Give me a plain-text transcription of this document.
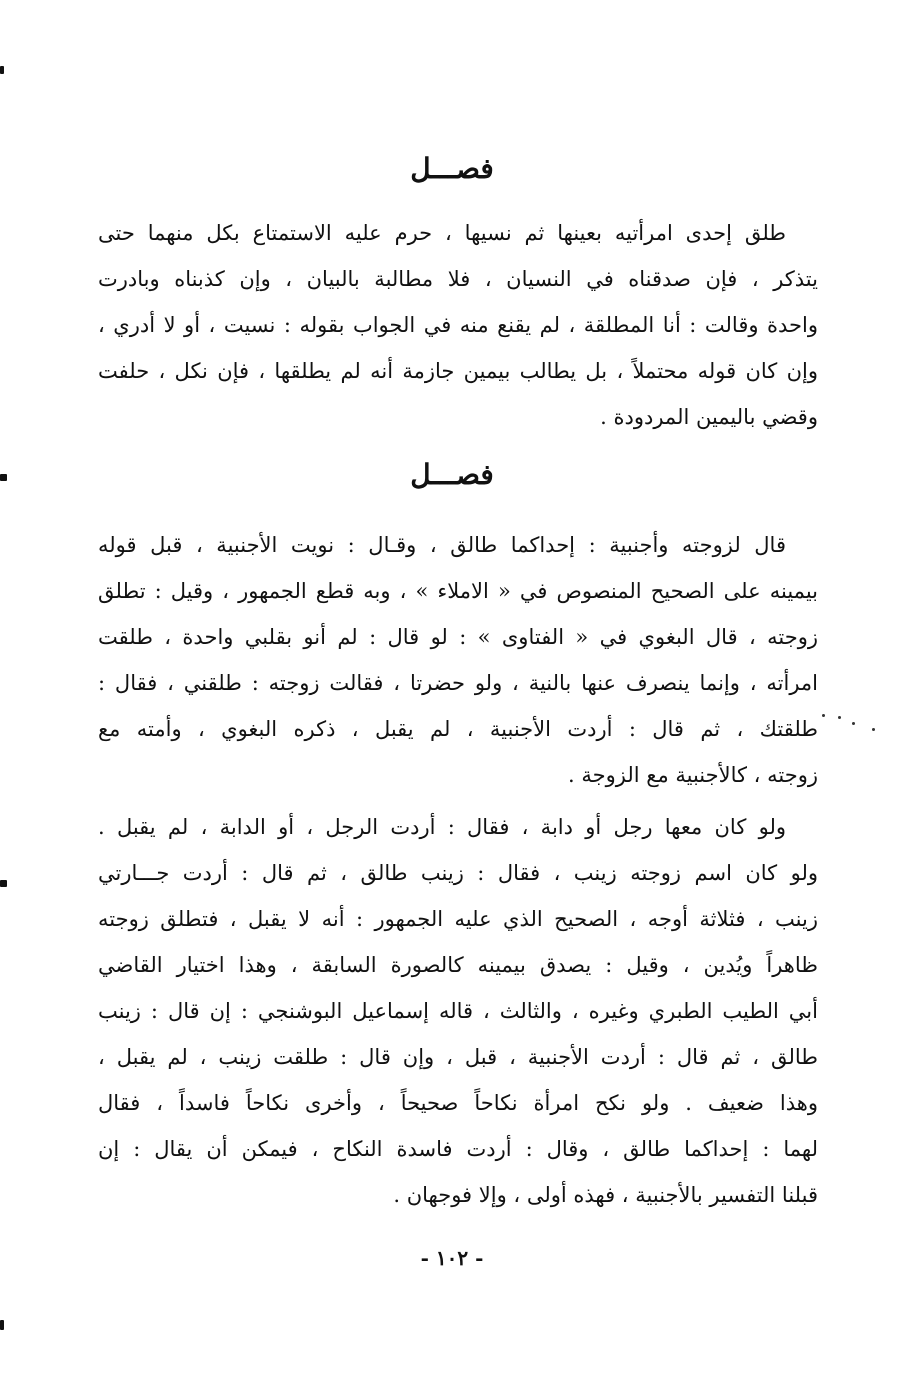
فصـــل
طلق إحدى امرأتيه بعينها ثم نسيها ، حرم عليه الاستمتاع بكل منهما حتى
يتذكر ، فإن صدقناه في النسيان ، فلا مطالبة بالبيان ، وإن كذبناه وبادرت
واحدة وقالت : أنا المطلقة ، لم يقنع منه في الجواب بقوله : نسيت ، أو لا أدري ،
وإن كان قوله محتملاً ، بل يطالب بيمين جازمة أنه لم يطلقها ، فإن نكل ، حلفت
وقضي باليمين المردودة .
فصـــل
قال لزوجته وأجنبية : إحداكما طالق ، وقـال : نويت الأجنبية ، قبل قوله
بيمينه على الصحيح المنصوص في « الاملاء » ، وبه قطع الجمهور ، وقيل : تطلق
زوجته ، قال البغوي في « الفتاوى » : لو قال : لم أنو بقلبي واحدة ، طلقت
امرأته ، وإنما ينصرف عنها بالنية ، ولو حضرتا ، فقالت زوجته : طلقني ، فقال :
طلقتك ، ثم قال : أردت الأجنبية ، لم يقبل ، ذكره البغوي ، وأمته مع
زوجته ، كالأجنبية مع الزوجة .
ولو كان معها رجل أو دابة ، فقال : أردت الرجل ، أو الدابة ، لم يقبل .
ولو كان اسم زوجته زينب ، فقال : زينب طالق ، ثم قال : أردت جـــارتي
زينب ، فثلاثة أوجه ، الصحيح الذي عليه الجمهور : أنه لا يقبل ، فتطلق زوجته
ظاهراً ويُدين ، وقيل : يصدق بيمينه كالصورة السابقة ، وهذا اختيار القاضي
أبي الطيب الطبري وغيره ، والثالث ، قاله إسماعيل البوشنجي : إن قال : زينب
طالق ، ثم قال : أردت الأجنبية ، قبل ، وإن قال : طلقت زينب ، لم يقبل ،
وهذا ضعيف . ولو نكح امرأة نكاحاً صحيحاً ، وأخرى نكاحاً فاسداً ، فقال
لهما : إحداكما طالق ، وقال : أردت فاسدة النكاح ، فيمكن أن يقال : إن
قبلنا التفسير بالأجنبية ، فهذه أولى ، وإلا فوجهان .
- ١٠٢ -
